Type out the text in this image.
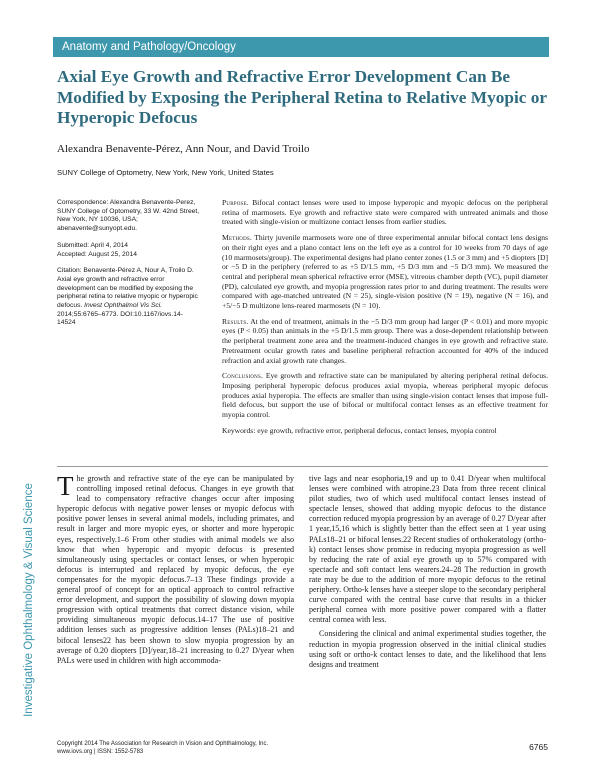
Anatomy and Pathology/Oncology
Investigative Ophthalmology & Visual Science
Axial Eye Growth and Refractive Error Development Can Be Modified by Exposing the Peripheral Retina to Relative Myopic or Hyperopic Defocus
Alexandra Benavente-Pérez, Ann Nour, and David Troilo
SUNY College of Optometry, New York, New York, United States

Correspondence: Alexandra Benavente-Perez, SUNY College of Optometry, 33 W. 42nd Street, New York, NY 10036, USA; abenavente@sunyopt.edu.

Submitted: April 4, 2014

Accepted: August 25, 2014

Citation: Benavente-Pérez A, Nour A, Troilo D. Axial eye growth and refractive error development can be modified by exposing the peripheral retina to relative myopic or hyperopic defocus. Invest Ophthalmol Vis Sci. 2014;55:6765–6773. DOI:10.1167/iovs.14-14524

Purpose. Bifocal contact lenses were used to impose hyperopic and myopic defocus on the peripheral retina of marmosets. Eye growth and refractive state were compared with untreated animals and those treated with single-vision or multizone contact lenses from earlier studies.

Methods. Thirty juvenile marmosets wore one of three experimental annular bifocal contact lens designs on their right eyes and a plano contact lens on the left eye as a control for 10 weeks from 70 days of age (10 marmosets/group). The experimental designs had plano center zones (1.5 or 3 mm) and +5 diopters [D] or −5 D in the periphery (referred to as +5 D/1.5 mm, +5 D/3 mm and −5 D/3 mm). We measured the central and peripheral mean spherical refractive error (MSE), vitreous chamber depth (VC), pupil diameter (PD), calculated eye growth, and myopia progression rates prior to and during treatment. The results were compared with age-matched untreated (N = 25), single-vision positive (N = 19), negative (N = 16), and +5/−5 D multizone lens-reared marmosets (N = 10).

Results. At the end of treatment, animals in the −5 D/3 mm group had larger (P < 0.01) and more myopic eyes (P < 0.05) than animals in the +5 D/1.5 mm group. There was a dose-dependent relationship between the peripheral treatment zone area and the treatment-induced changes in eye growth and refractive state. Pretreatment ocular growth rates and baseline peripheral refraction accounted for 40% of the induced refraction and axial growth rate changes.

Conclusions. Eye growth and refractive state can be manipulated by altering peripheral retinal defocus. Imposing peripheral hyperopic defocus produces axial myopia, whereas peripheral myopic defocus produces axial hyperopia. The effects are smaller than using single-vision contact lenses that impose full-field defocus, but support the use of bifocal or multifocal contact lenses as an effective treatment for myopia control.

Keywords: eye growth, refractive error, peripheral defocus, contact lenses, myopia control

The growth and refractive state of the eye can be manipulated by controlling imposed retinal defocus. Changes in eye growth that lead to compensatory refractive changes occur after imposing hyperopic defocus with negative power lenses or myopic defocus with positive power lenses in several animal models, including primates, and result in larger and more myopic eyes, or shorter and more hyperopic eyes, respectively.1–6 From other studies with animal models we also know that when hyperopic and myopic defocus is presented simultaneously using spectacles or contact lenses, or when hyperopic defocus is interrupted and replaced by myopic defocus, the eye compensates for the myopic defocus.7–13 These findings provide a general proof of concept for an optical approach to control refractive error development, and support the possibility of slowing down myopia progression with optical treatments that correct distance vision, while providing simultaneous myopic defocus.14–17 The use of positive addition lenses such as progressive addition lenses (PALs)18–21 and bifocal lenses22 has been shown to slow myopia progression by an average of 0.20 diopters [D]/year,18–21 increasing to 0.27 D/year when PALs were used in children with high accommoda-

tive lags and near esophoria,19 and up to 0.41 D/year when multifocal lenses were combined with atropine.23 Data from three recent clinical pilot studies, two of which used multifocal contact lenses instead of spectacle lenses, showed that adding myopic defocus to the distance correction reduced myopia progression by an average of 0.27 D/year after 1 year,15,16 which is slightly better than the effect seen at 1 year using PALs18–21 or bifocal lenses.22 Recent studies of orthokeratology (ortho-k) contact lenses show promise in reducing myopia progression as well by reducing the rate of axial eye growth up to 57% compared with spectacle and soft contact lens wearers.24–28 The reduction in growth rate may be due to the addition of more myopic defocus to the retinal periphery. Ortho-k lenses have a steeper slope to the secondary peripheral curve compared with the central base curve that results in a thicker peripheral cornea with more positive power compared with a flatter central cornea with less.

Considering the clinical and animal experimental studies together, the reduction in myopia progression observed in the initial clinical studies using soft or ortho-k contact lenses to date, and the likelihood that lens designs and treatment

Copyright 2014 The Association for Research in Vision and Ophthalmology, Inc.
www.iovs.org | ISSN: 1552-5783
6765
